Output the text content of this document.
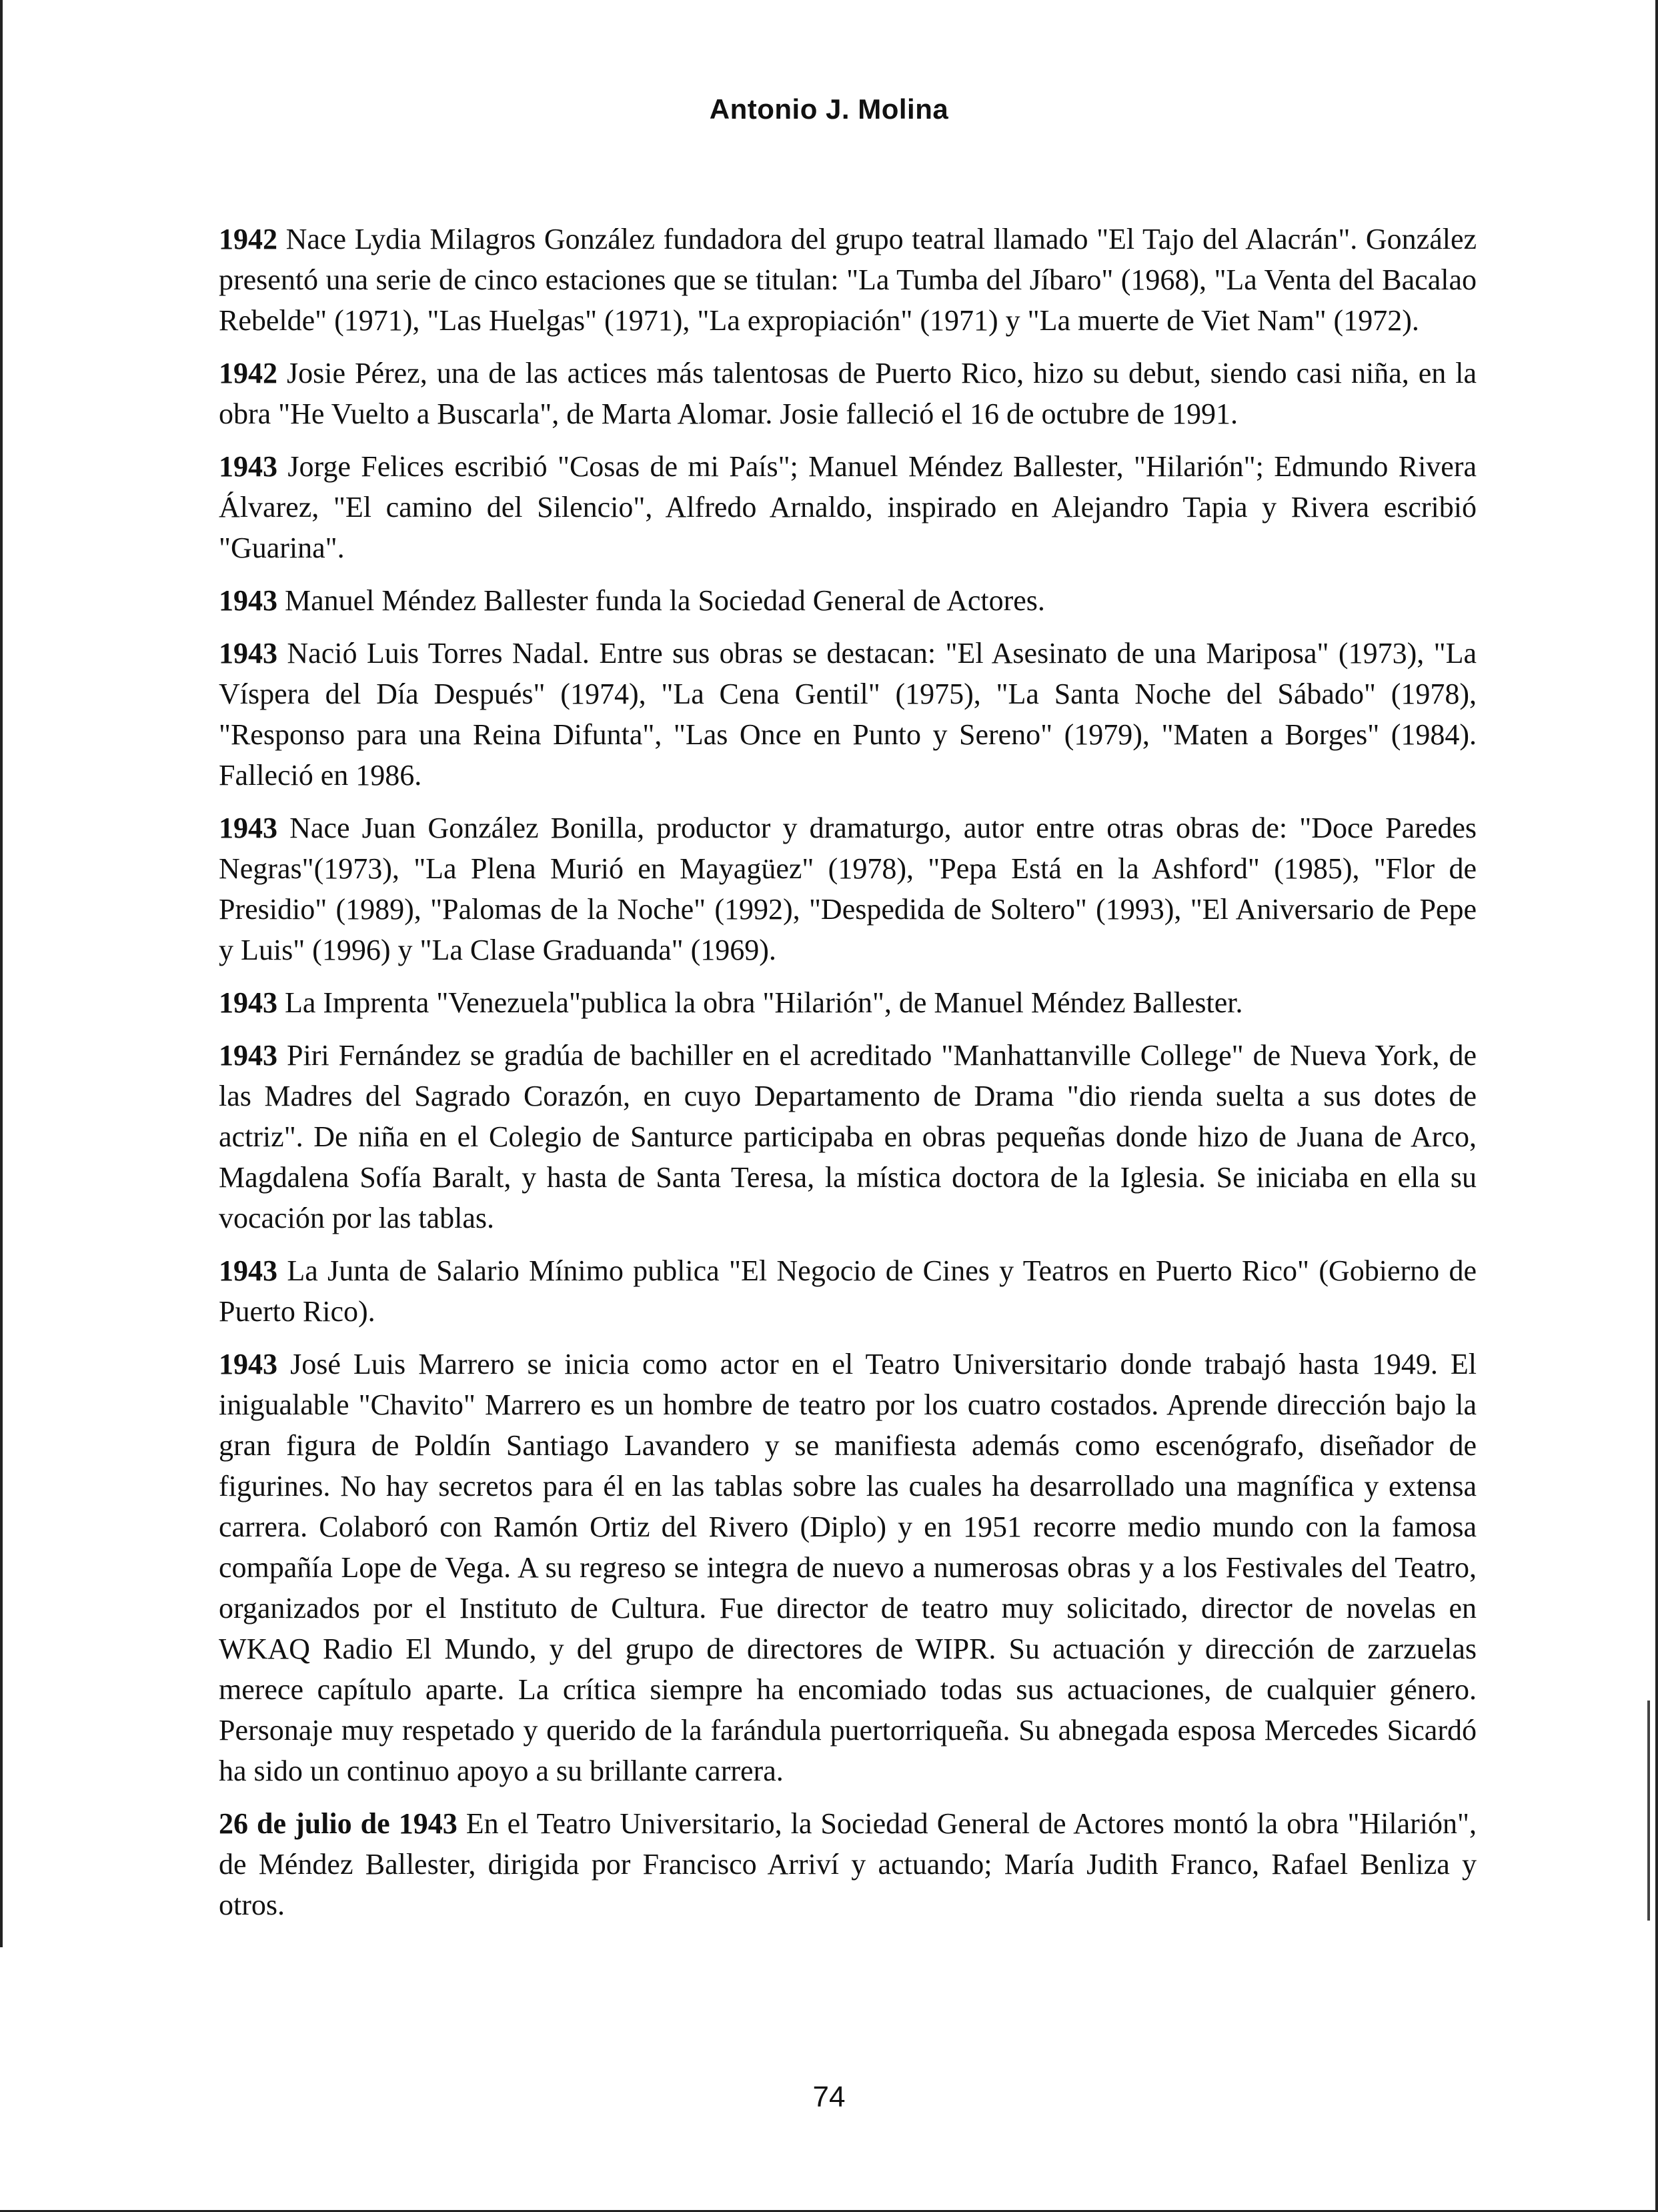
Antonio J. Molina

1942 Nace Lydia Milagros González fundadora del grupo teatral llamado "El Tajo del Alacrán". González presentó una serie de cinco estaciones que se titulan: "La Tumba del Jíbaro" (1968), "La Venta del Bacalao Rebelde" (1971), "Las Huelgas" (1971), "La expropiación" (1971) y "La muerte de Viet Nam" (1972).

1942 Josie Pérez, una de las actices más talentosas de Puerto Rico, hizo su debut, siendo casi niña, en la obra "He Vuelto a Buscarla", de Marta Alomar. Josie falleció el 16 de octubre de 1991.

1943 Jorge Felices escribió "Cosas de mi País"; Manuel Méndez Ballester, "Hilarión"; Edmundo Rivera Álvarez, "El camino del Silencio", Alfredo Arnaldo, inspirado en Alejandro Tapia y Rivera escribió "Guarina".

1943 Manuel Méndez Ballester funda la Sociedad General de Actores.

1943 Nació Luis Torres Nadal. Entre sus obras se destacan: "El Asesinato de una Mariposa" (1973), "La Víspera del Día Después" (1974), "La Cena Gentil" (1975), "La Santa Noche del Sábado" (1978), "Responso para una Reina Difunta", "Las Once en Punto y Sereno" (1979), "Maten a Borges" (1984). Falleció en 1986.

1943 Nace Juan González Bonilla, productor y dramaturgo, autor entre otras obras de: "Doce Paredes Negras"(1973), "La Plena Murió en Mayagüez" (1978), "Pepa Está en la Ashford" (1985), "Flor de Presidio" (1989), "Palomas de la Noche" (1992), "Despedida de Soltero" (1993), "El Aniversario de Pepe y Luis" (1996) y "La Clase Graduanda" (1969).

1943 La Imprenta "Venezuela"publica la obra "Hilarión", de Manuel Méndez Ballester.

1943 Piri Fernández se gradúa de bachiller en el acreditado "Manhattanville College" de Nueva York, de las Madres del Sagrado Corazón, en cuyo Departamento de Drama "dio rienda suelta a sus dotes de actriz". De niña en el Colegio de Santurce participaba en obras pequeñas donde hizo de Juana de Arco, Magdalena Sofía Baralt, y hasta de Santa Teresa, la mística doctora de la Iglesia. Se iniciaba en ella su vocación por las tablas.

1943 La Junta de Salario Mínimo publica "El Negocio de Cines y Teatros en Puerto Rico" (Gobierno de Puerto Rico).

1943 José Luis Marrero se inicia como actor en el Teatro Universitario donde trabajó hasta 1949. El inigualable "Chavito" Marrero es un hombre de teatro por los cuatro costados. Aprende dirección bajo la gran figura de Poldín Santiago Lavandero y se manifiesta además como escenógrafo, diseñador de figurines. No hay secretos para él en las tablas sobre las cuales ha desarrollado una magnífica y extensa carrera. Colaboró con Ramón Ortiz del Rivero (Diplo) y en 1951 recorre medio mundo con la famosa compañía Lope de Vega. A su regreso se integra de nuevo a numerosas obras y a los Festivales del Teatro, organizados por el Instituto de Cultura. Fue director de teatro muy solicitado, director de novelas en WKAQ Radio El Mundo, y del grupo de directores de WIPR. Su actuación y dirección de zarzuelas merece capítulo aparte. La crítica siempre ha encomiado todas sus actuaciones, de cualquier género. Personaje muy respetado y querido de la farándula puertorriqueña. Su abnegada esposa Mercedes Sicardó ha sido un continuo apoyo a su brillante carrera.

26 de julio de 1943 En el Teatro Universitario, la Sociedad General de Actores montó la obra "Hilarión", de Méndez Ballester, dirigida por Francisco Arriví y actuando; María Judith Franco, Rafael Benliza y otros.

74
